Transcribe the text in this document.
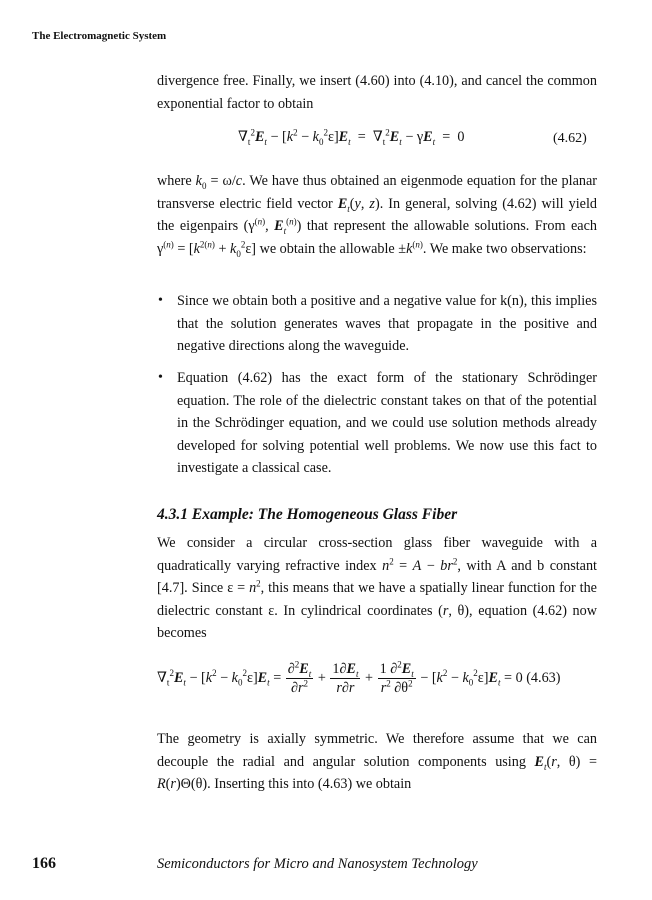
The Electromagnetic System

divergence free. Finally, we insert (4.60) into (4.10), and cancel the common exponential factor to obtain

$\nabla_t^2E_t - [k^2 - k_0^2\varepsilon]E_t = \nabla_t^2E_t - \gamma E_t = 0$	(4.62)

where $k_0 = \omega/c$. We have thus obtained an eigenmode equation for the planar transverse electric field vector $E_t(y$, z). In general, solving (4.62) will yield the eigenpairs ($\gamma^{(n)}$, $E_t^{(n)}$) that represent the allowable solutions. From each $\gamma^{(n)} = [k^{2(n)} + k_0^2\varepsilon]$ we obtain the allowable $\pm k^{(n)}$. We make two observations:

• Since we obtain both a positive and a negative value for k(n), this implies that the solution generates waves that propagate in the positive and negative directions along the waveguide.

• Equation (4.62) has the exact form of the stationary Schrödinger equation. The role of the dielectric constant takes on that of the potential in the Schrödinger equation, and we could use solution methods already developed for solving potential well problems. We now use this fact to investigate a classical case.

4.3.1 Example: The Homogeneous Glass Fiber

We consider a circular cross-section glass fiber waveguide with a quadratically varying refractive index $n^2 = A - br^2$, with A and b constant [4.7]. Since $\varepsilon = n^2$, this means that we have a spatially linear function for the dielectric constant ε. In cylindrical coordinates (r, θ), equation (4.62) now becomes

$\nabla_t^2E_t - [k^2 - k_0^2\varepsilon]E_t = \frac{\partial^2E_t}{\partial r^2} + \frac{1\partial E_t}{r\partial r} + \frac{1 \partial^2E_t}{r^2 \partial\theta^2} - [k^2 - k_0^2\varepsilon]E_t = 0$ (4.63)

The geometry is axially symmetric. We therefore assume that we can decouple the radial and angular solution components using $E_t(r$, θ) = R(r)Θ(θ). Inserting this into (4.63) we obtain

166	Semiconductors for Micro and Nanosystem Technology
